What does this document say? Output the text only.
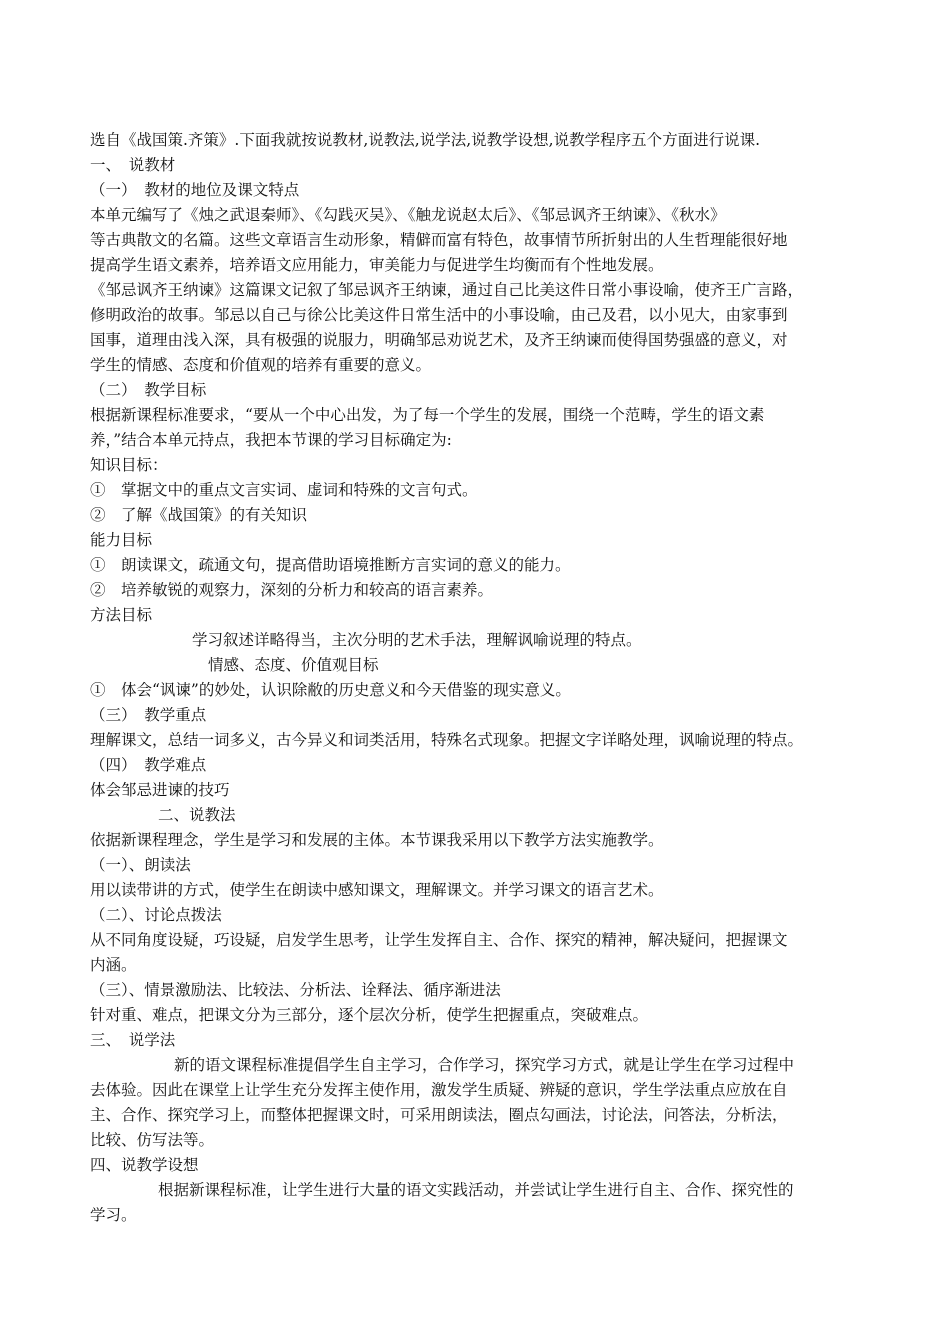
选自《战国策.齐策》.下面我就按说教材,说教法,说学法,说教学设想,说教学程序五个方面进行说课.
一、　说教材
（一）　教材的地位及课文特点
本单元编写了《烛之武退秦师》、《勾践灭吴》、《触龙说赵太后》、《邹忌讽齐王纳谏》、《秋水》
等古典散文的名篇。这些文章语言生动形象，精僻而富有特色，故事情节所折射出的人生哲理能很好地
提高学生语文素养，培养语文应用能力，审美能力与促进学生均衡而有个性地发展。
《邹忌讽齐王纳谏》这篇课文记叙了邹忌讽齐王纳谏，通过自己比美这件日常小事设喻，使齐王广言路，
修明政治的故事。邹忌以自己与徐公比美这件日常生活中的小事设喻，由己及君，以小见大，由家事到
国事，道理由浅入深，具有极强的说服力，明确邹忌劝说艺术，及齐王纳谏而使得国势强盛的意义，对
学生的情感、态度和价值观的培养有重要的意义。
（二）　教学目标
根据新课程标准要求，“要从一个中心出发，为了每一个学生的发展，围绕一个范畴，学生的语文素
养，”结合本单元持点，我把本节课的学习目标确定为:
知识目标：
①　掌据文中的重点文言实词、虚词和特殊的文言句式。
②　了解《战国策》的有关知识
能力目标
①　朗读课文，疏通文句，提高借助语境推断方言实词的意义的能力。
②　培养敏锐的观察力，深刻的分析力和较高的语言素养。
方法目标
学习叙述详略得当，主次分明的艺术手法，理解讽喻说理的特点。
情感、态度、价值观目标
①　体会“讽谏”的妙处，认识除敝的历史意义和今天借鉴的现实意义。
（三）　教学重点
理解课文，总结一词多义，古今异义和词类活用，特殊名式现象。把握文字详略处理，讽喻说理的特点。
（四）　教学难点
体会邹忌进谏的技巧
二、说教法
依据新课程理念，学生是学习和发展的主体。本节课我采用以下教学方法实施教学。
（一）、朗读法
用以读带讲的方式，使学生在朗读中感知课文，理解课文。并学习课文的语言艺术。
（二）、讨论点拨法
从不同角度设疑，巧设疑，启发学生思考，让学生发挥自主、合作、探究的精神，解决疑问，把握课文
内涵。
（三）、情景激励法、比较法、分析法、诠释法、循序渐进法
针对重、难点，把课文分为三部分，逐个层次分析，使学生把握重点，突破难点。
三、　说学法
新的语文课程标准提倡学生自主学习，合作学习，探究学习方式，就是让学生在学习过程中
去体验。因此在课堂上让学生充分发挥主使作用，激发学生质疑、辨疑的意识，学生学法重点应放在自
主、合作、探究学习上，而整体把握课文时，可采用朗读法，圈点勾画法，讨论法，问答法，分析法，
比较、仿写法等。
四、说教学设想
根据新课程标准，让学生进行大量的语文实践活动，并尝试让学生进行自主、合作、探究性的
学习。
